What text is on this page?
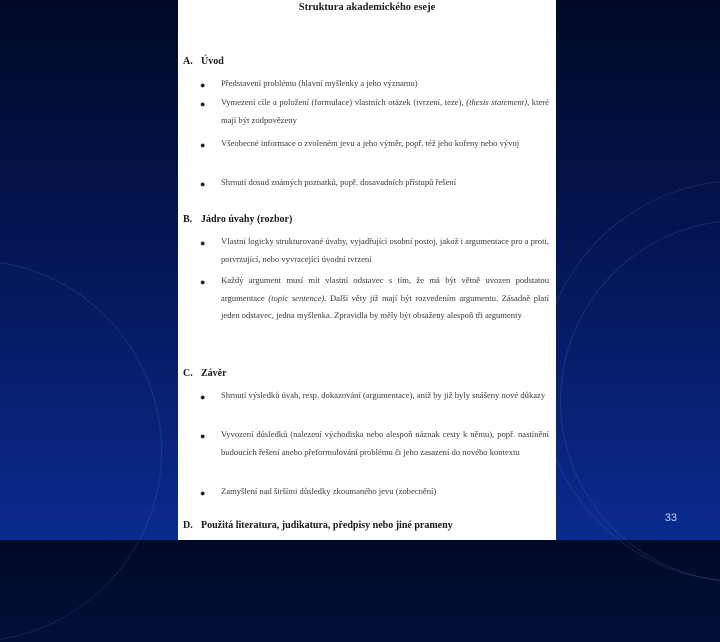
Struktura akademického eseje
A. Úvod
●	Představení problému (hlavní myšlenky a jeho významu)
●	Vymezení cíle a položení (formulace) vlastních otázek (tvrzení, teze), (thesis statement), které mají být zodpovězeny
●	Všeobecné informace o zvoleném jevu a jeho výměr, popř. též jeho kořeny nebo vývoj
●	Shrnutí dosud známých poznatků, popř. dosavadních přístupů řešení
B. Jádro úvahy (rozbor)
●	Vlastní logicky strukturované úvahy, vyjadřující osobní postoj, jakož i argumentace pro a proti, potvrzující, nebo vyvracející úvodní tvrzení
●	Každý argument musí mít vlastní odstavec s tím, že má být větně uvozen podstatou argumentace (topic sentence). Další věty již mají být rozvedením argumentu. Zásadně platí jeden odstavec, jedna myšlenka. Zpravidla by měly být obsaženy alespoň tři argumenty
C. Závěr
●	Shrnutí výsledků úvah, resp. dokazování (argumentace), aniž by již byly snášeny nové důkazy
●	Vyvození důsledků (nalezení východiska nebo alespoň náznak cesty k němu), popř. nastínění budoucích řešení anebo přeformulování problému či jeho zasazení do nového kontextu
●	Zamyšlení nad širšími důsledky zkoumaného jevu (zobecnění)
D. Použitá literatura, judikatura, předpisy nebo jiné prameny
33
